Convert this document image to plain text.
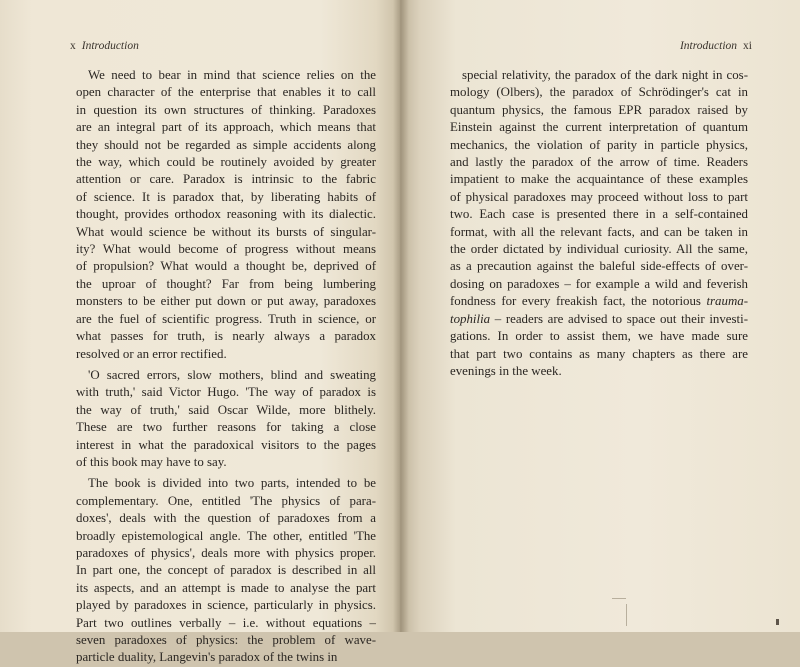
x Introduction
We need to bear in mind that science relies on the
open character of the enterprise that enables it to call
in question its own structures of thinking. Paradoxes
are an integral part of its approach, which means that
they should not be regarded as simple accidents along
the way, which could be routinely avoided by greater
attention or care. Paradox is intrinsic to the fabric
of science. It is paradox that, by liberating habits of
thought, provides orthodox reasoning with its dialectic.
What would science be without its bursts of singular-
ity? What would become of progress without means
of propulsion? What would a thought be, deprived of
the uproar of thought? Far from being lumbering
monsters to be either put down or put away, paradoxes
are the fuel of scientific progress. Truth in science, or
what passes for truth, is nearly always a paradox
resolved or an error rectified.
'O sacred errors, slow mothers, blind and sweating
with truth,' said Victor Hugo. 'The way of paradox is
the way of truth,' said Oscar Wilde, more blithely.
These are two further reasons for taking a close
interest in what the paradoxical visitors to the pages
of this book may have to say.
The book is divided into two parts, intended to be
complementary. One, entitled 'The physics of para-
doxes', deals with the question of paradoxes from a
broadly epistemological angle. The other, entitled 'The
paradoxes of physics', deals more with physics proper.
In part one, the concept of paradox is described in all
its aspects, and an attempt is made to analyse the part
played by paradoxes in science, particularly in physics.
Part two outlines verbally – i.e. without equations –
seven paradoxes of physics: the problem of wave-
particle duality, Langevin's paradox of the twins in
Introduction xi
special relativity, the paradox of the dark night in cos-
mology (Olbers), the paradox of Schrödinger's cat in
quantum physics, the famous EPR paradox raised by
Einstein against the current interpretation of quantum
mechanics, the violation of parity in particle physics,
and lastly the paradox of the arrow of time. Readers
impatient to make the acquaintance of these examples
of physical paradoxes may proceed without loss to part
two. Each case is presented there in a self-contained
format, with all the relevant facts, and can be taken in
the order dictated by individual curiosity. All the same,
as a precaution against the baleful side-effects of over-
dosing on paradoxes – for example a wild and feverish
fondness for every freakish fact, the notorious trauma-
tophilia – readers are advised to space out their investi-
gations. In order to assist them, we have made sure
that part two contains as many chapters as there are
evenings in the week.
